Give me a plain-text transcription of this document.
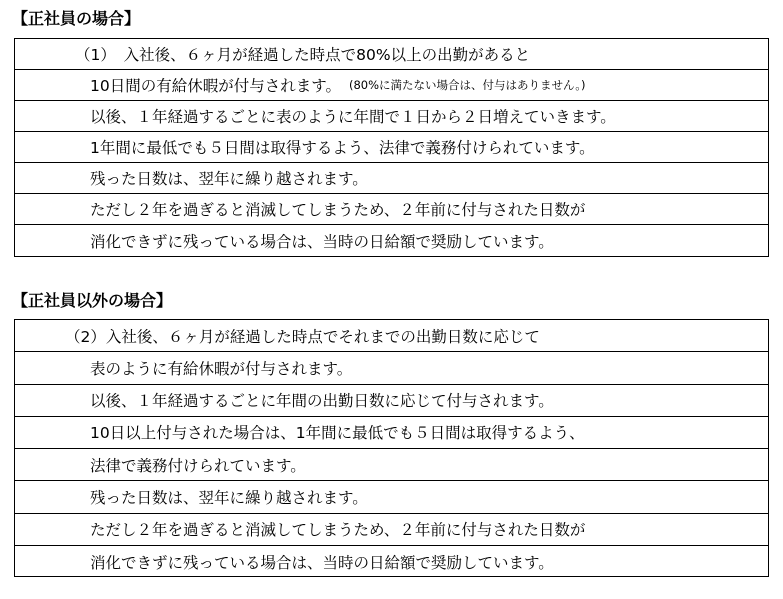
【正社員の場合】
（1）　入社後、６ヶ月が経過した時点で80%以上の出勤があると
10日間の有給休暇が付与されます。 (80%に満たない場合は、付与はありません。)
以後、１年経過するごとに表のように年間で１日から２日増えていきます。
1年間に最低でも５日間は取得するよう、法律で義務付けられています。
残った日数は、翌年に繰り越されます。
ただし２年を過ぎると消滅してしまうため、２年前に付与された日数が
消化できずに残っている場合は、当時の日給額で奨励しています。
【正社員以外の場合】
（2）入社後、６ヶ月が経過した時点でそれまでの出勤日数に応じて
表のように有給休暇が付与されます。
以後、１年経過するごとに年間の出勤日数に応じて付与されます。
10日以上付与された場合は、1年間に最低でも５日間は取得するよう、
法律で義務付けられています。
残った日数は、翌年に繰り越されます。
ただし２年を過ぎると消滅してしまうため、２年前に付与された日数が
消化できずに残っている場合は、当時の日給額で奨励しています。
